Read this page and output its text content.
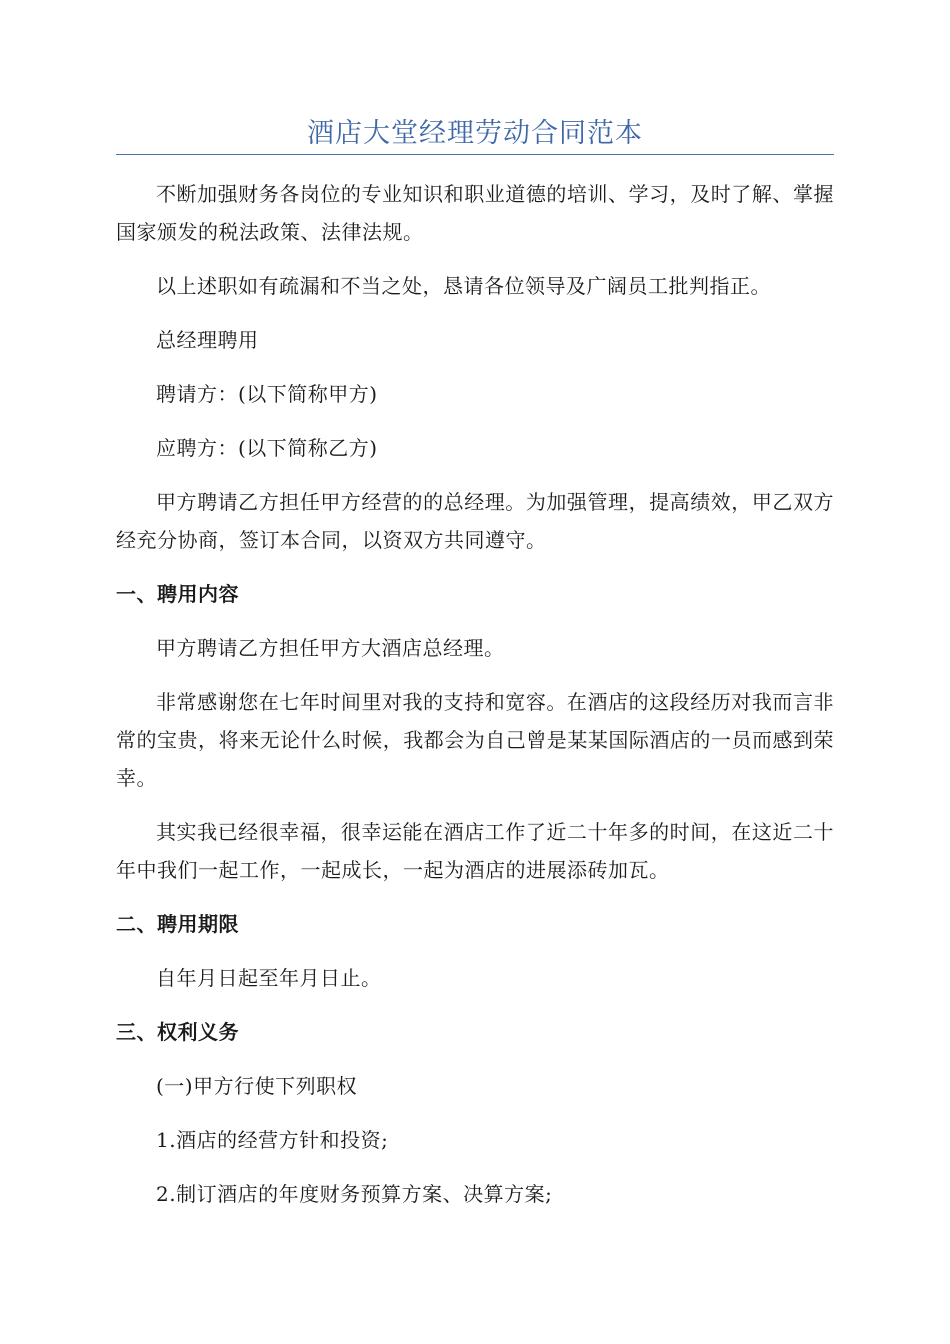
酒店大堂经理劳动合同范本

不断加强财务各岗位的专业知识和职业道德的培训、学习，及时了解、掌握国家颁发的税法政策、法律法规。

以上述职如有疏漏和不当之处，恳请各位领导及广阔员工批判指正。

总经理聘用

聘请方：(以下简称甲方)

应聘方：(以下简称乙方)

甲方聘请乙方担任甲方经营的的总经理。为加强管理，提高绩效，甲乙双方经充分协商，签订本合同，以资双方共同遵守。

一、聘用内容

甲方聘请乙方担任甲方大酒店总经理。

非常感谢您在七年时间里对我的支持和宽容。在酒店的这段经历对我而言非常的宝贵，将来无论什么时候，我都会为自己曾是某某国际酒店的一员而感到荣幸。

其实我已经很幸福，很幸运能在酒店工作了近二十年多的时间，在这近二十年中我们一起工作，一起成长，一起为酒店的进展添砖加瓦。

二、聘用期限

自年月日起至年月日止。

三、权利义务

(一)甲方行使下列职权

1.酒店的经营方针和投资;

2.制订酒店的年度财务预算方案、决算方案;
